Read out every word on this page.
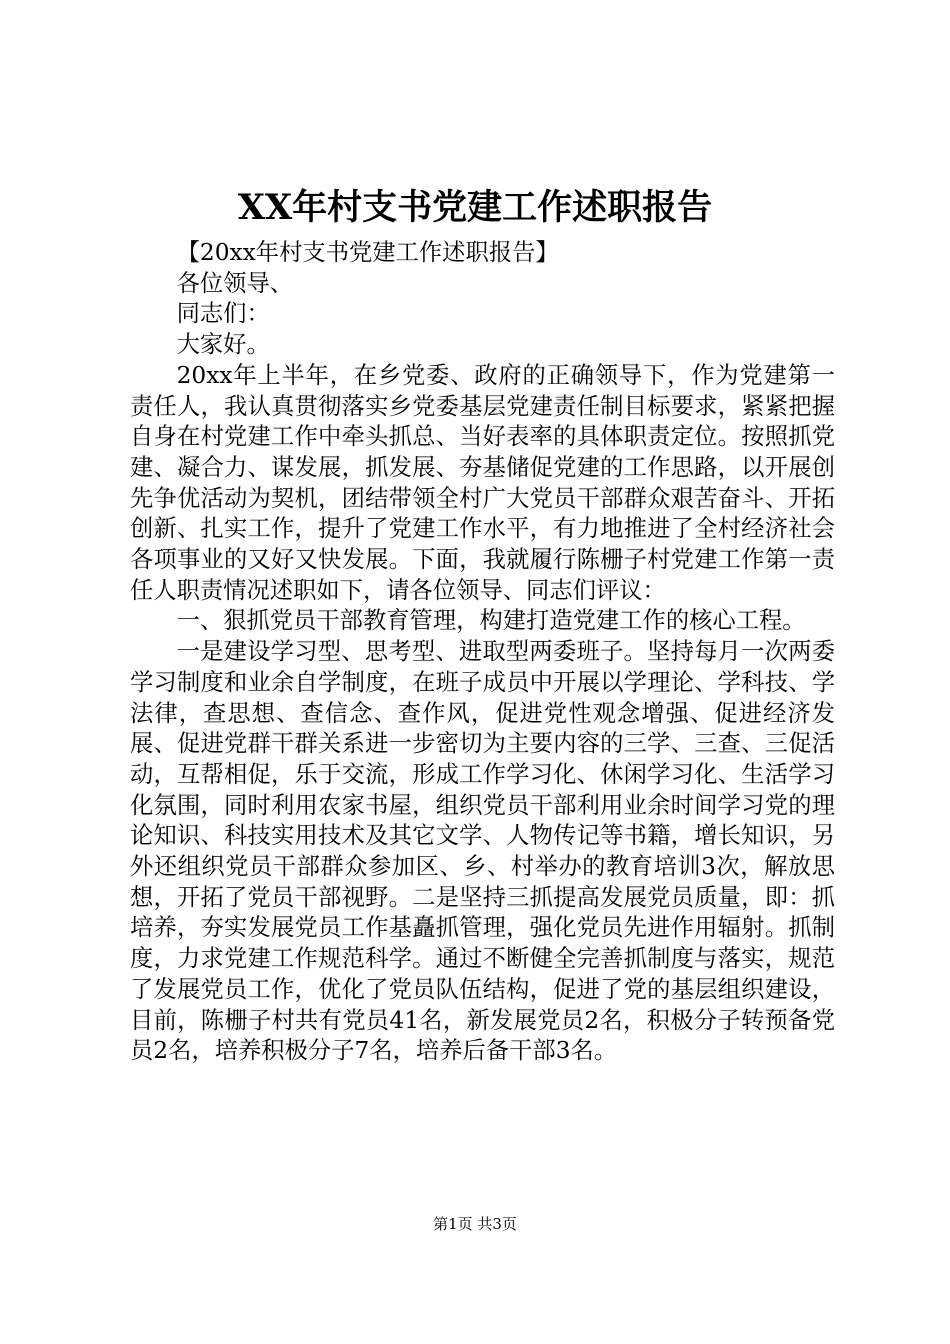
XX年村支书党建工作述职报告

【20xx年村支书党建工作述职报告】

各位领导、

同志们：

大家好。

20xx年上半年，在乡党委、政府的正确领导下，作为党建第一责任人，我认真贯彻落实乡党委基层党建责任制目标要求，紧紧把握自身在村党建工作中牵头抓总、当好表率的具体职责定位。按照抓党建、凝合力、谋发展，抓发展、夯基储促党建的工作思路，以开展创先争优活动为契机，团结带领全村广大党员干部群众艰苦奋斗、开拓创新、扎实工作，提升了党建工作水平，有力地推进了全村经济社会各项事业的又好又快发展。下面，我就履行陈栅子村党建工作第一责任人职责情况述职如下，请各位领导、同志们评议：

一、狠抓党员干部教育管理，构建打造党建工作的核心工程。

一是建设学习型、思考型、进取型两委班子。坚持每月一次两委学习制度和业余自学制度，在班子成员中开展以学理论、学科技、学法律，查思想、查信念、查作风，促进党性观念增强、促进经济发展、促进党群干群关系进一步密切为主要内容的三学、三查、三促活动，互帮相促，乐于交流，形成工作学习化、休闲学习化、生活学习化氛围，同时利用农家书屋，组织党员干部利用业余时间学习党的理论知识、科技实用技术及其它文学、人物传记等书籍，增长知识，另外还组织党员干部群众参加区、乡、村举办的教育培训3次，解放思想，开拓了党员干部视野。二是坚持三抓提高发展党员质量，即：抓培养，夯实发展党员工作基矗抓管理，强化党员先进作用辐射。抓制度，力求党建工作规范科学。通过不断健全完善抓制度与落实，规范了发展党员工作，优化了党员队伍结构，促进了党的基层组织建设，目前，陈栅子村共有党员41名，新发展党员2名，积极分子转预备党员2名，培养积极分子7名，培养后备干部3名。

第1页 共3页
